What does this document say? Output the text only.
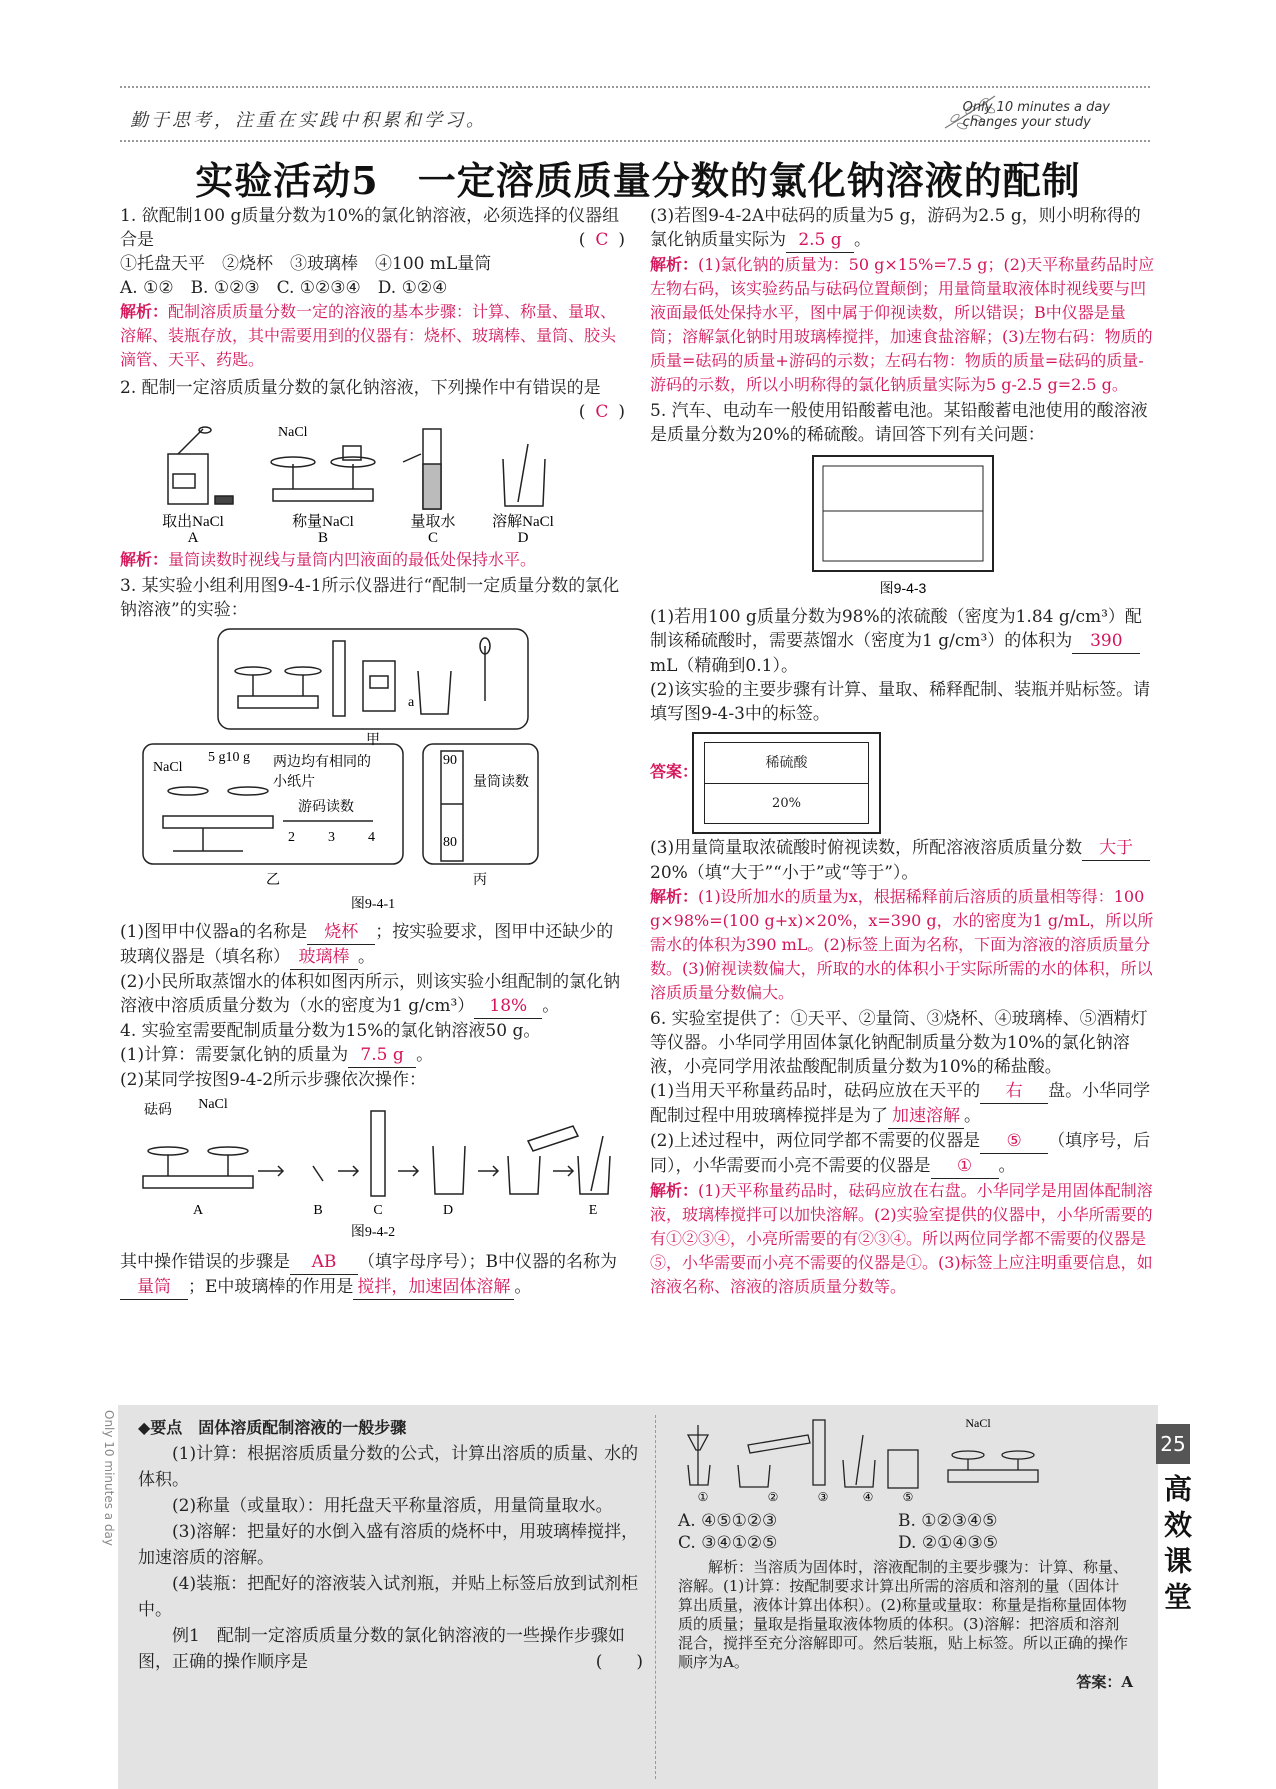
勤于思考，注重在实践中积累和学习。
Only 10 minutes a day
changes your study
实验活动5　一定溶质质量分数的氯化钠溶液的配制

1. 欲配制100 g质量分数为10%的氯化钠溶液，必须选择的仪器组合是	( C )

①托盘天平　②烧杯　③玻璃棒　④100 mL量筒

A. ①②　B. ①②③　C. ①②③④　D. ①②④

解析：配制溶质质量分数一定的溶液的基本步骤：计算、称量、量取、溶解、装瓶存放，其中需要用到的仪器有：烧杯、玻璃棒、量筒、胶头滴管、天平、药匙。

2. 配制一定溶质质量分数的氯化钠溶液，下列操作中有错误的是
( C )

NaCl
取出NaCl	称量NaCl	量取水 溶解NaCl
A	B	C	D

解析：量筒读数时视线与量筒内凹液面的最低处保持水平。

3. 某实验小组利用图9-4-1所示仪器进行“配制一定质量分数的氯化钠溶液”的实验：

a
甲
NaCl
5 g10 g 两边均有相同的
小纸片
游码读数
2 3 4
90
80
量筒读数
乙	丙
图9-4-1

(1)图甲中仪器a的名称是 烧杯 ；按实验要求，图甲中还缺少的玻璃仪器是（填名称） 玻璃棒 。

(2)小民所取蒸馏水的体积如图丙所示，则该实验小组配制的氯化钠溶液中溶质质量分数为（水的密度为1 g/cm³） 18% 。

4. 实验室需要配制质量分数为15%的氯化钠溶液50 g。

(1)计算：需要氯化钠的质量为 7.5 g 。

(2)某同学按图9-4-2所示步骤依次操作：

砝码 NaCl
A	B	C	D	E
图9-4-2

其中操作错误的步骤是 AB （填字母序号）；B中仪器的名称为量筒 ；E中玻璃棒的作用是 搅拌，加速固体溶解 。

(3)若图9-4-2A中砝码的质量为5 g，游码为2.5 g，则小明称得的氯化钠质量实际为 2.5 g 。

解析：(1)氯化钠的质量为：50 g×15%=7.5 g；(2)天平称量药品时应左物右码，该实验药品与砝码位置颠倒；用量筒量取液体时视线要与凹液面最低处保持水平，图中属于仰视读数，所以错误；B中仪器是量筒；溶解氯化钠时用玻璃棒搅拌，加速食盐溶解；(3)左物右码：物质的质量=砝码的质量+游码的示数；左码右物：物质的质量=砝码的质量-游码的示数，所以小明称得的氯化钠质量实际为5 g-2.5 g=2.5 g。

5. 汽车、电动车一般使用铅酸蓄电池。某铅酸蓄电池使用的酸溶液是质量分数为20%的稀硫酸。请回答下列有关问题：

图9-4-3

(1)若用100 g质量分数为98%的浓硫酸（密度为1.84 g/cm³）配制该稀硫酸时，需要蒸馏水（密度为1 g/cm³）的体积为 390mL（精确到0.1）。

(2)该实验的主要步骤有计算、量取、稀释配制、装瓶并贴标签。请填写图9-4-3中的标签。

答案：	稀硫酸
20%

(3)用量筒量取浓硫酸时俯视读数，所配溶液溶质质量分数 大于20%（填“大于”“小于”或“等于”）。

解析：(1)设所加水的质量为x，根据稀释前后溶质的质量相等得：100 g×98%=(100 g+x)×20%，x=390 g，水的密度为1 g/mL，所以所需水的体积为390 mL。(2)标签上面为名称，下面为溶液的溶质质量分数。(3)俯视读数偏大，所取的水的体积小于实际所需的水的体积，所以溶质质量分数偏大。

6. 实验室提供了：①天平、②量筒、③烧杯、④玻璃棒、⑤酒精灯等仪器。小华同学用固体氯化钠配制质量分数为10%的氯化钠溶液，小亮同学用浓盐酸配制质量分数为10%的稀盐酸。

(1)当用天平称量药品时，砝码应放在天平的 右 盘。小华同学配制过程中用玻璃棒搅拌是为了 加速溶解 。

(2)上述过程中，两位同学都不需要的仪器是 ⑤ （填序号，后同），小华需要而小亮不需要的仪器是 ① 。

解析：(1)天平称量药品时，砝码应放在右盘。小华同学是用固体配制溶液，玻璃棒搅拌可以加快溶解。(2)实验室提供的仪器中，小华所需要的有①②③④，小亮所需要的有②③④。所以两位同学都不需要的仪器是⑤，小华需要而小亮不需要的仪器是①。(3)标签上应注明重要信息，如溶液名称、溶液的溶质质量分数等。

Only 10 minutes a day ◆要点　固体溶质配制溶液的一般步骤

(1)计算：根据溶质质量分数的公式，计算出溶质的质量、水的体积。

(2)称量（或量取）：用托盘天平称量溶质，用量筒量取水。

(3)溶解：把量好的水倒入盛有溶质的烧杯中，用玻璃棒搅拌，加速溶质的溶解。

(4)装瓶：把配好的溶液装入试剂瓶，并贴上标签后放到试剂柜中。

例1　配制一定溶质质量分数的氯化钠溶液的一些操作步骤如图，正确的操作顺序是	(　　)

NaCl
①	②	③	④ ⑤
A. ④⑤①②③	B. ①②③④⑤
C. ③④①②⑤	D. ②①④③⑤

解析：当溶质为固体时，溶液配制的主要步骤为：计算、称量、溶解。(1)计算：按配制要求计算出所需的溶质和溶剂的量（固体计算出质量，液体计算出体积）。(2)称量或量取：称量是指称量固体物质的质量；量取是指量取液体物质的体积。(3)溶解：把溶质和溶剂混合，搅拌至充分溶解即可。然后装瓶，贴上标签。所以正确的操作顺序为A。

答案：A

25
高效课堂
